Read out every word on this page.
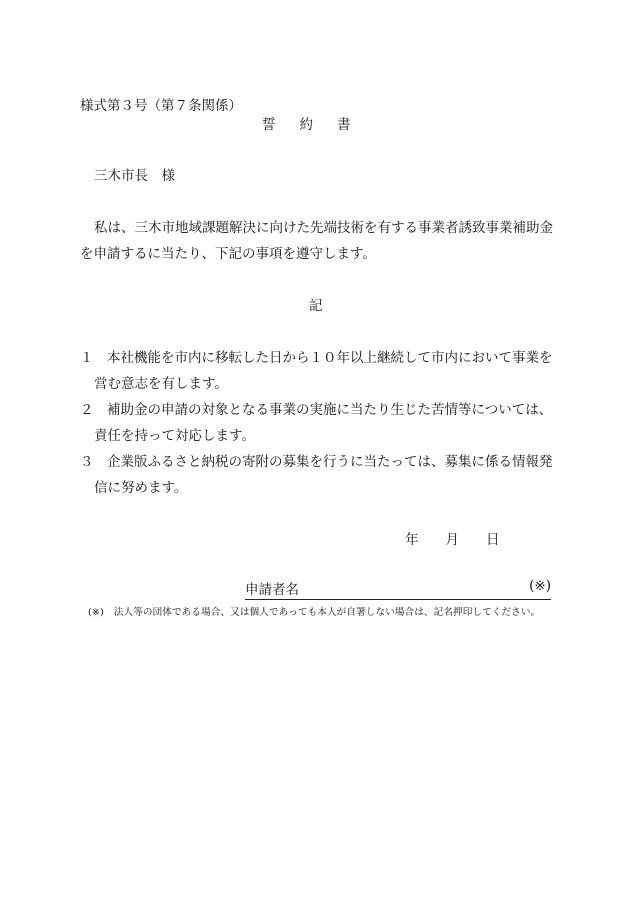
様式第３号（第７条関係）
誓約書
三木市長　様
私は、三木市地域課題解決に向けた先端技術を有する事業者誘致事業補助金
を申請するに当たり、下記の事項を遵守します。
記
１　 本社機能を市内に移転した日から１０年以上継続して市内において事業を
営む意志を有します。
２　 補助金の申請の対象となる事業の実施に当たり生じた苦情等については、
責任を持って対応します。
３　 企業版ふるさと納税の寄附の募集を行うに当たっては、募集に係る情報発
信に努めます。
年　　 月　　 日
申請者名	(※)
(※) 法人等の団体である場合、又は個人であっても本人が自署しない場合は、記名押印してください。
